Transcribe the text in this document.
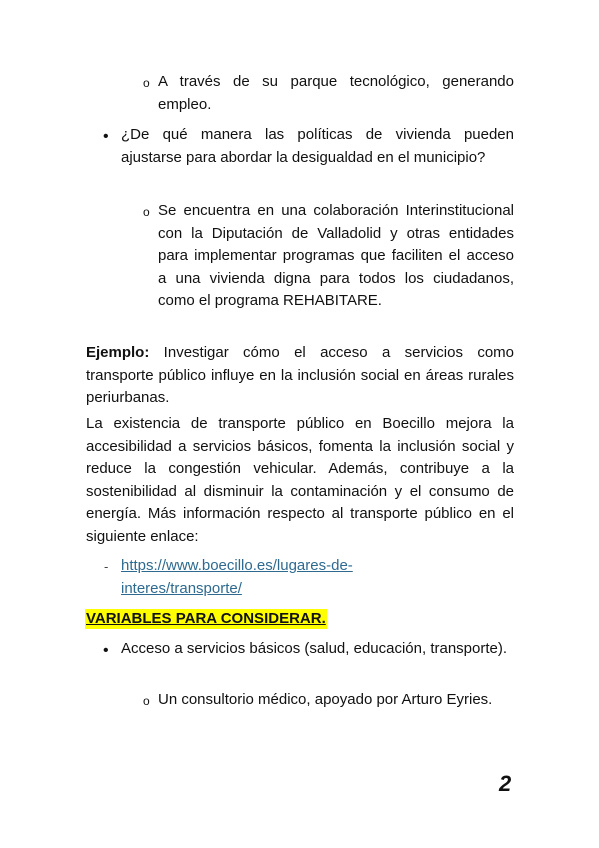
o A través de su parque tecnológico, generando empleo.
• ¿De qué manera las políticas de vivienda pueden ajustarse para abordar la desigualdad en el municipio?
o Se encuentra en una colaboración Interinstitucional con la Diputación de Valladolid y otras entidades para implementar programas que faciliten el acceso a una vivienda digna para todos los ciudadanos, como el programa REHABITARE.
Ejemplo: Investigar cómo el acceso a servicios como transporte público influye en la inclusión social en áreas rurales periurbanas.
La existencia de transporte público en Boecillo mejora la accesibilidad a servicios básicos, fomenta la inclusión social y reduce la congestión vehicular. Además, contribuye a la sostenibilidad al disminuir la contaminación y el consumo de energía. Más información respecto al transporte público en el siguiente enlace:
- https://www.boecillo.es/lugares-de-
interes/transporte/
VARIABLES PARA CONSIDERAR.
• Acceso a servicios básicos (salud, educación, transporte).
o Un consultorio médico, apoyado por Arturo Eyries.
2
